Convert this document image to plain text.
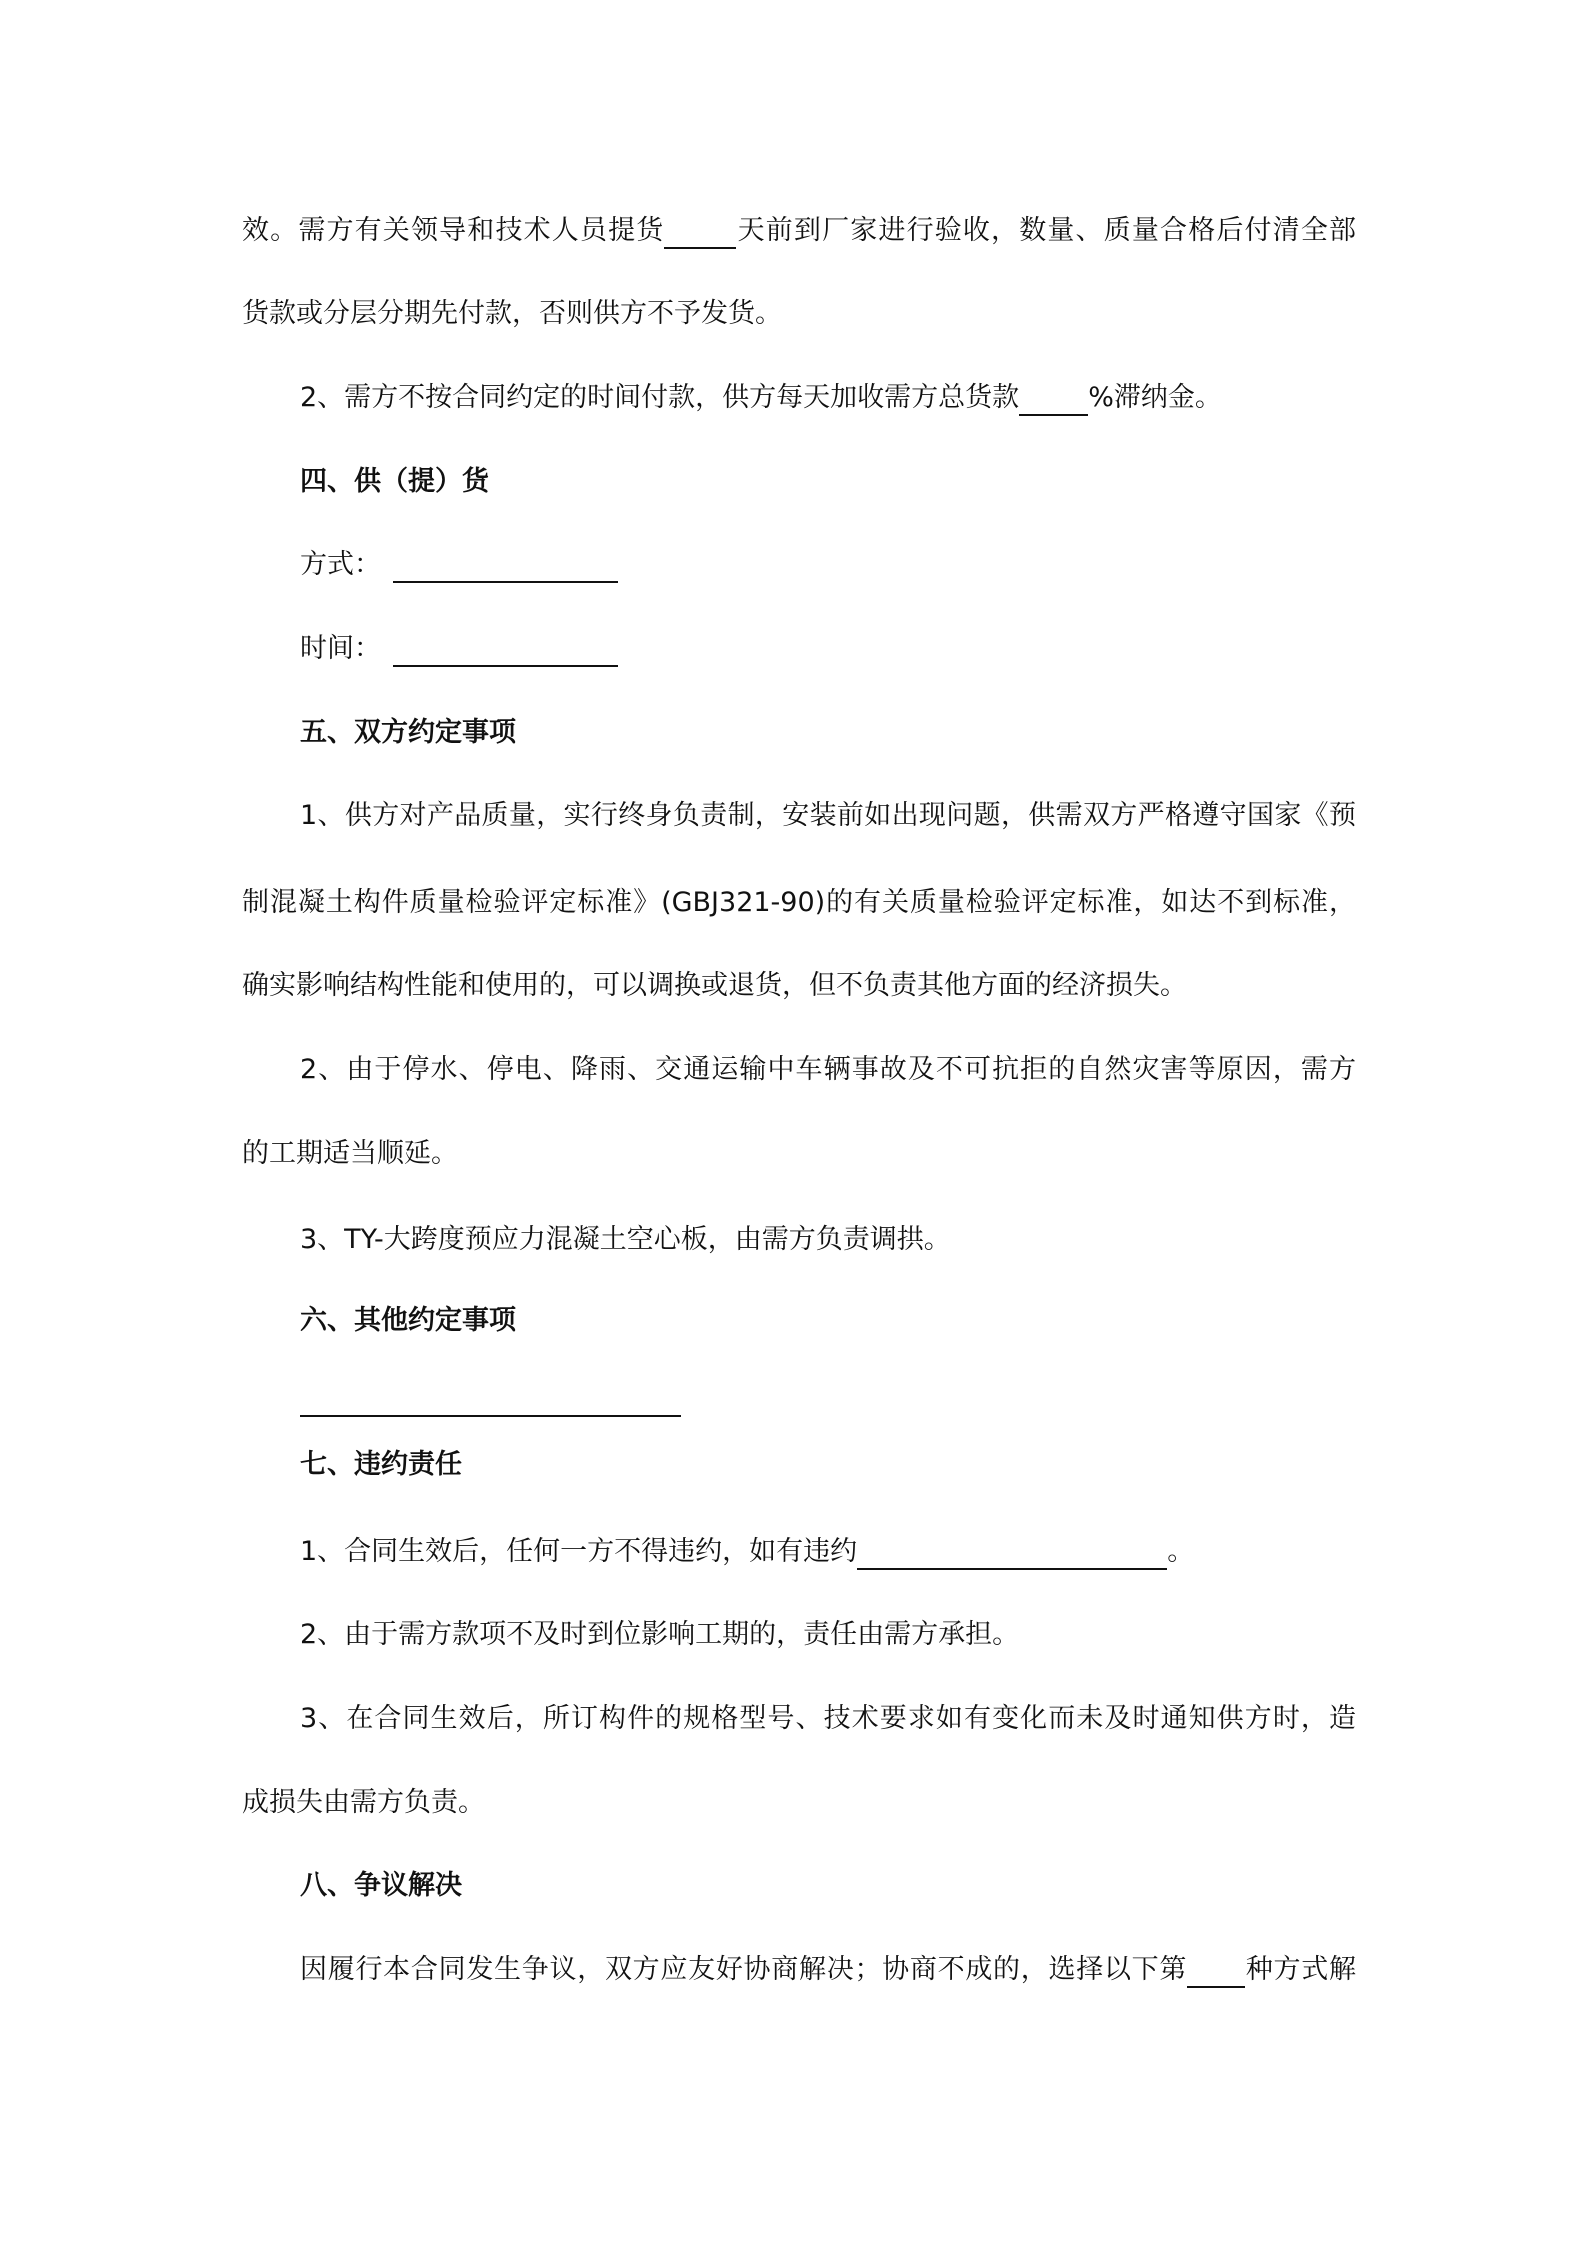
效。需方有关领导和技术人员提货	天前到厂家进行验收，数量、质量合格后付清全部
货款或分层分期先付款，否则供方不予发货。
2、需方不按合同约定的时间付款，供方每天加收需方总货款	%滞纳金。
四、供（提）货
方式：
时间：
五、双方约定事项
1、供方对产品质量，实行终身负责制，安装前如出现问题，供需双方严格遵守国家《预
制混凝土构件质量检验评定标准》(GBJ321-90)的有关质量检验评定标准，如达不到标准，
确实影响结构性能和使用的，可以调换或退货，但不负责其他方面的经济损失。
2、由于停水、停电、降雨、交通运输中车辆事故及不可抗拒的自然灾害等原因，需方
的工期适当顺延。
3、TY-大跨度预应力混凝土空心板，由需方负责调拱。
六、其他约定事项
七、违约责任
1、合同生效后，任何一方不得违约，如有违约	。
2、由于需方款项不及时到位影响工期的，责任由需方承担。
3、在合同生效后，所订构件的规格型号、技术要求如有变化而未及时通知供方时，造
成损失由需方负责。
八、争议解决
因履行本合同发生争议，双方应友好协商解决；协商不成的，选择以下第 种方式解
